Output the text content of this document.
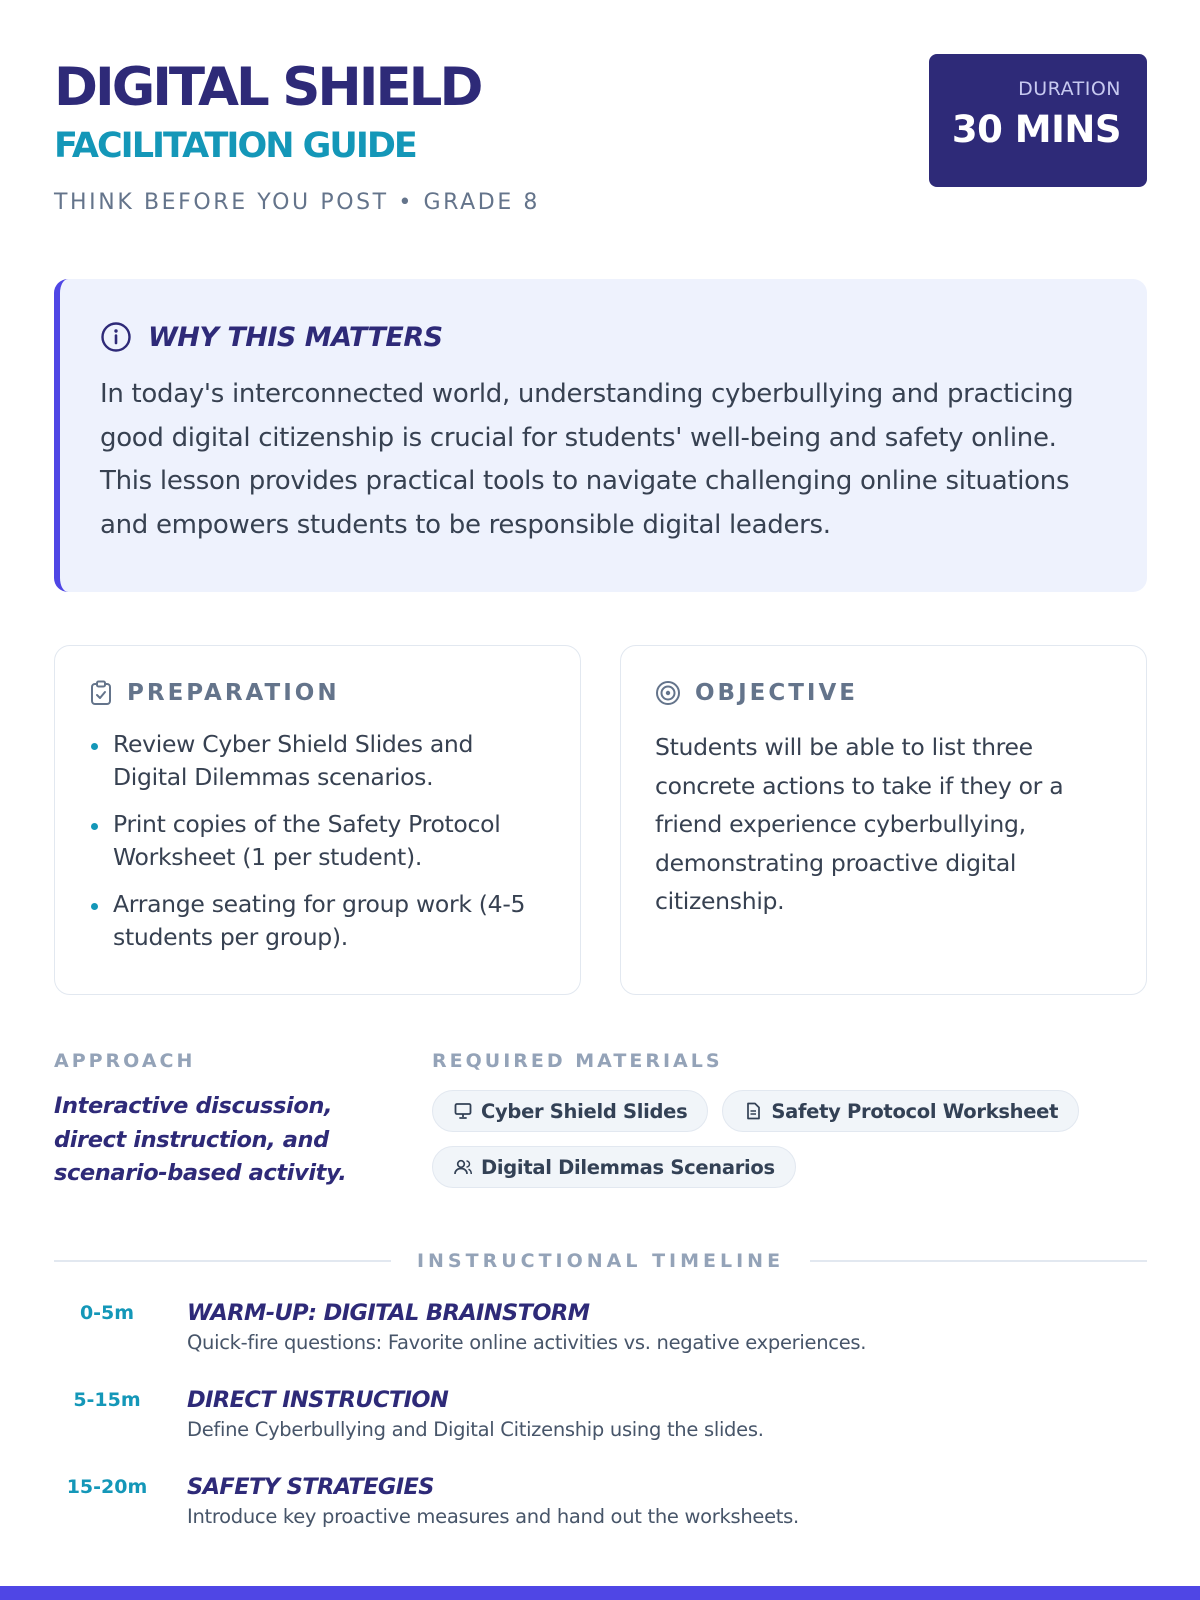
DIGITAL SHIELD
FACILITATION GUIDE
THINK BEFORE YOU POST • GRADE 8
DURATION
30 MINS
WHY THIS MATTERS
In today's interconnected world, understanding cyberbullying and practicing good digital citizenship is crucial for students' well-being and safety online. This lesson provides practical tools to navigate challenging online situations and empowers students to be responsible digital leaders.
PREPARATION
Review Cyber Shield Slides and Digital Dilemmas scenarios.
Print copies of the Safety Protocol Worksheet (1 per student).
Arrange seating for group work (4-5 students per group).
OBJECTIVE
Students will be able to list three concrete actions to take if they or a friend experience cyberbullying, demonstrating proactive digital citizenship.
APPROACH
Interactive discussion, direct instruction, and scenario-based activity.
REQUIRED MATERIALS
Cyber Shield Slides	Safety Protocol Worksheet
Digital Dilemmas Scenarios
INSTRUCTIONAL TIMELINE
0-5m	WARM-UP: DIGITAL BRAINSTORM
Quick-fire questions: Favorite online activities vs. negative experiences.
5-15m	DIRECT INSTRUCTION
Define Cyberbullying and Digital Citizenship using the slides.
15-20m	SAFETY STRATEGIES
Introduce key proactive measures and hand out the worksheets.
